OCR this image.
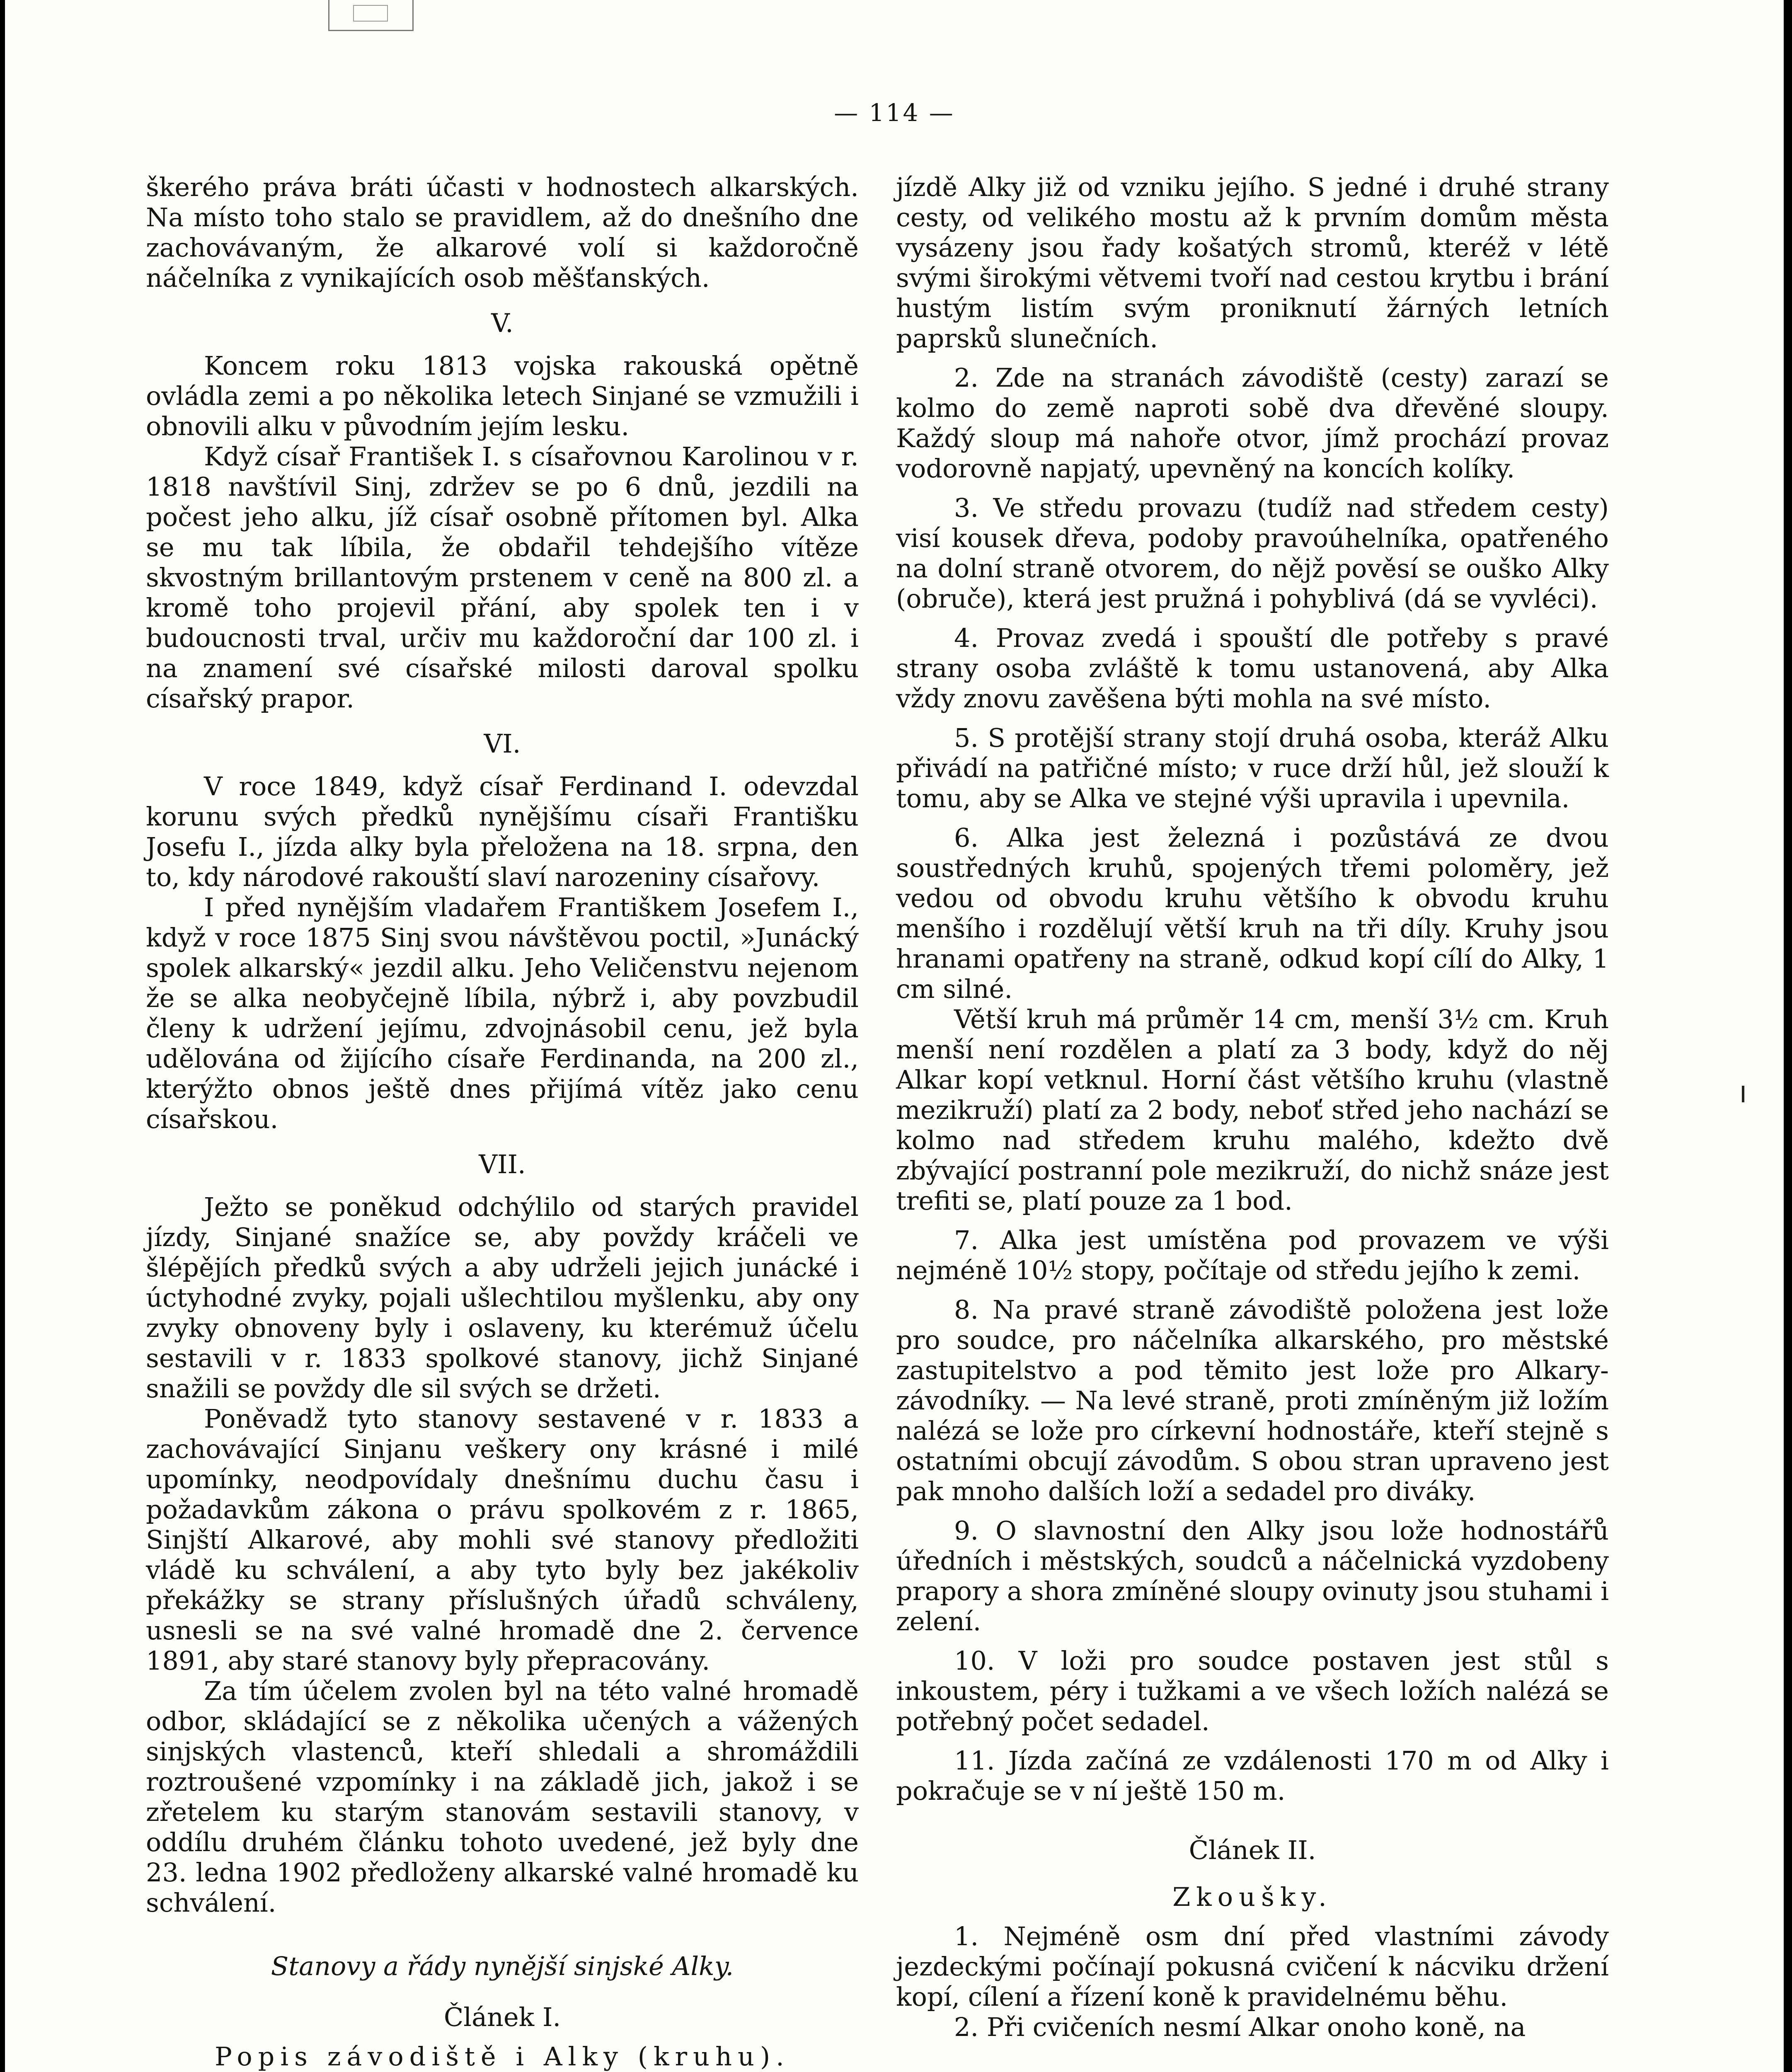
— 114 —

škerého práva bráti účasti v hodnostech alkarských. Na místo toho stalo se pravidlem, až do dnešního dne zachovávaným, že alkarové volí si každoročně náčelníka z vynikajících osob měšťanských.

V.

Koncem roku 1813 vojska rakouská opětně ovládla zemi a po několika letech Sinjané se vzmužili i obnovili alku v původním jejím lesku.

Když císař František I. s císařovnou Karolinou v r. 1818 navštívil Sinj, zdržev se po 6 dnů, jezdili na počest jeho alku, jíž císař osobně přítomen byl. Alka se mu tak líbila, že obdařil tehdejšího vítěze skvostným brillantovým prstenem v ceně na 800 zl. a kromě toho projevil přání, aby spolek ten i v budoucnosti trval, určiv mu každoroční dar 100 zl. i na znamení své císařské milosti daroval spolku císařský prapor.

VI.

V roce 1849, když císař Ferdinand I. odevzdal korunu svých předků nynějšímu císaři Františku Josefu I., jízda alky byla přeložena na 18. srpna, den to, kdy národové rakouští slaví narozeniny císařovy.

I před nynějším vladařem Františkem Josefem I., když v roce 1875 Sinj svou návštěvou poctil, »Junácký spolek alkarský« jezdil alku. Jeho Veličenstvu nejenom že se alka neobyčejně líbila, nýbrž i, aby povzbudil členy k udržení jejímu, zdvojnásobil cenu, jež byla udělována od žijícího císaře Ferdinanda, na 200 zl., kterýžto obnos ještě dnes přijímá vítěz jako cenu císařskou.

VII.

Ježto se poněkud odchýlilo od starých pravidel jízdy, Sinjané snažíce se, aby povždy kráčeli ve šlépějích předků svých a aby udrželi jejich junácké i úctyhodné zvyky, pojali ušlechtilou myšlenku, aby ony zvyky obnoveny byly i oslaveny, ku kterémuž účelu sestavili v r. 1833 spolkové stanovy, jichž Sinjané snažili se povždy dle sil svých se držeti.

Poněvadž tyto stanovy sestavené v r. 1833 a zachovávající Sinjanu veškery ony krásné i milé upomínky, neodpovídaly dnešnímu duchu času i požadavkům zákona o právu spolkovém z r. 1865, Sinjští Alkarové, aby mohli své stanovy předložiti vládě ku schválení, a aby tyto byly bez jakékoliv překážky se strany příslušných úřadů schváleny, usnesli se na své valné hromadě dne 2. července 1891, aby staré stanovy byly přepracovány.

Za tím účelem zvolen byl na této valné hromadě odbor, skládající se z několika učených a vážených sinjských vlastenců, kteří shledali a shromáždili roztroušené vzpomínky i na základě jich, jakož i se zřetelem ku starým stanovám sestavili stanovy, v oddílu druhém článku tohoto uvedené, jež byly dne 23. ledna 1902 předloženy alkarské valné hromadě ku schválení.

Stanovy a řády nynější sinjské Alky.
Článek I.
Popis závodiště i Alky (kruhu).

jízdě Alky již od vzniku jejího. S jedné i druhé strany cesty, od velikého mostu až k prvním domům města vysázeny jsou řady košatých stromů, kteréž v létě svými širokými větvemi tvoří nad cestou krytbu i brání hustým listím svým proniknutí žárných letních paprsků slunečních.

2. Zde na stranách závodiště (cesty) zarazí se kolmo do země naproti sobě dva dřevěné sloupy. Každý sloup má nahoře otvor, jímž prochází provaz vodorovně napjatý, upevněný na koncích kolíky.

3. Ve středu provazu (tudíž nad středem cesty) visí kousek dřeva, podoby pravoúhelníka, opatřeného na dolní straně otvorem, do nějž pověsí se ouško Alky (obruče), která jest pružná i pohyblivá (dá se vyvléci).

4. Provaz zvedá i spouští dle potřeby s pravé strany osoba zvláště k tomu ustanovená, aby Alka vždy znovu zavěšena býti mohla na své místo.

5. S protější strany stojí druhá osoba, kteráž Alku přivádí na patřičné místo; v ruce drží hůl, jež slouží k tomu, aby se Alka ve stejné výši upravila i upevnila.

6. Alka jest železná i pozůstává ze dvou soustředných kruhů, spojených třemi poloměry, jež vedou od obvodu kruhu většího k obvodu kruhu menšího i rozdělují větší kruh na tři díly. Kruhy jsou hranami opatřeny na straně, odkud kopí cílí do Alky, 1 cm silné.

Větší kruh má průměr 14 cm, menší 3½ cm. Kruh menší není rozdělen a platí za 3 body, když do něj Alkar kopí vetknul. Horní část většího kruhu (vlastně mezikruží) platí za 2 body, neboť střed jeho nachází se kolmo nad středem kruhu malého, kdežto dvě zbývající postranní pole mezikruží, do nichž snáze jest trefiti se, platí pouze za 1 bod.

7. Alka jest umístěna pod provazem ve výši nejméně 10½ stopy, počítaje od středu jejího k zemi.

8. Na pravé straně závodiště položena jest lože pro soudce, pro náčelníka alkarského, pro městské zastupitelstvo a pod těmito jest lože pro Alkary-závodníky. — Na levé straně, proti zmíněným již ložím nalézá se lože pro církevní hodnostáře, kteří stejně s ostatními obcují závodům. S obou stran upraveno jest pak mnoho dalších loží a sedadel pro diváky.

9. O slavnostní den Alky jsou lože hodnostářů úředních i městských, soudců a náčelnická vyzdobeny prapory a shora zmíněné sloupy ovinuty jsou stuhami i zelení.

10. V loži pro soudce postaven jest stůl s inkoustem, péry i tužkami a ve všech ložích nalézá se potřebný počet sedadel.

11. Jízda začíná ze vzdálenosti 170 m od Alky i pokračuje se v ní ještě 150 m.

Článek II.
Zkoušky.

1. Nejméně osm dní před vlastními závody jezdeckými počínají pokusná cvičení k nácviku držení kopí, cílení a řízení koně k pravidelnému běhu.

2. Při cvičeních nesmí Alkar onoho koně, na
